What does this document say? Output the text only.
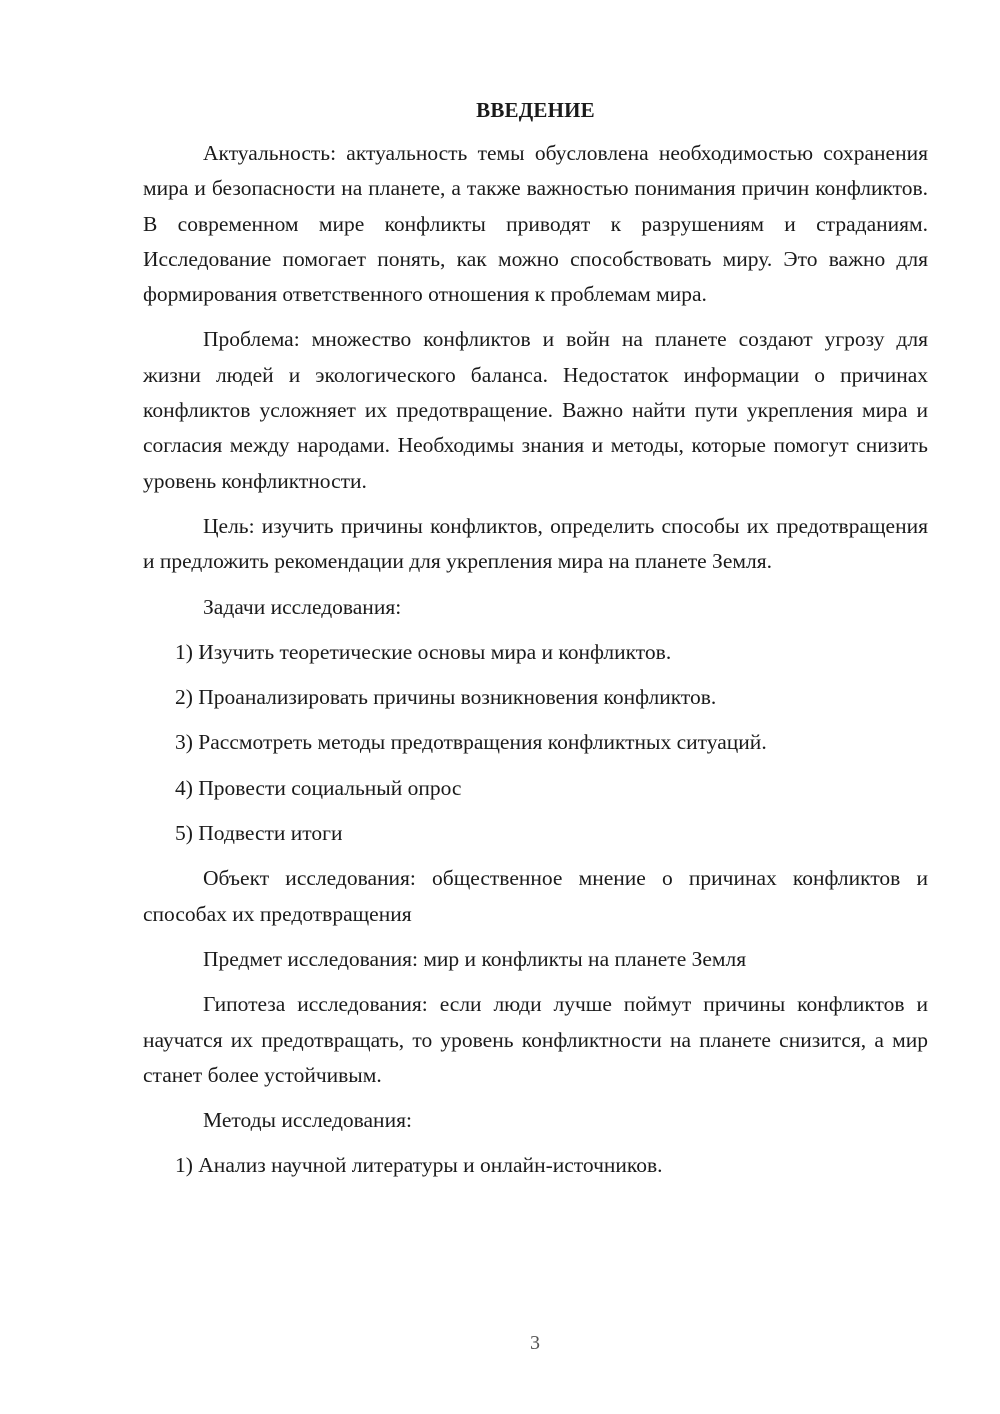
ВВЕДЕНИЕ

Актуальность: актуальность темы обусловлена необходимостью сохранения мира и безопасности на планете, а также важностью понимания причин конфликтов. В современном мире конфликты приводят к разрушениям и страданиям. Исследование помогает понять, как можно способствовать миру. Это важно для формирования ответственного отношения к проблемам мира.

Проблема: множество конфликтов и войн на планете создают угрозу для жизни людей и экологического баланса. Недостаток информации о причинах конфликтов усложняет их предотвращение. Важно найти пути укрепления мира и согласия между народами. Необходимы знания и методы, которые помогут снизить уровень конфликтности.

Цель: изучить причины конфликтов, определить способы их предотвращения и предложить рекомендации для укрепления мира на планете Земля.

Задачи исследования:

1) Изучить теоретические основы мира и конфликтов.

2) Проанализировать причины возникновения конфликтов.

3) Рассмотреть методы предотвращения конфликтных ситуаций.

4) Провести социальный опрос

5) Подвести итоги

Объект исследования: общественное мнение о причинах конфликтов и способах их предотвращения

Предмет исследования: мир и конфликты на планете Земля

Гипотеза исследования: если люди лучше поймут причины конфликтов и научатся их предотвращать, то уровень конфликтности на планете снизится, а мир станет более устойчивым.

Методы исследования:

1) Анализ научной литературы и онлайн-источников.

3
